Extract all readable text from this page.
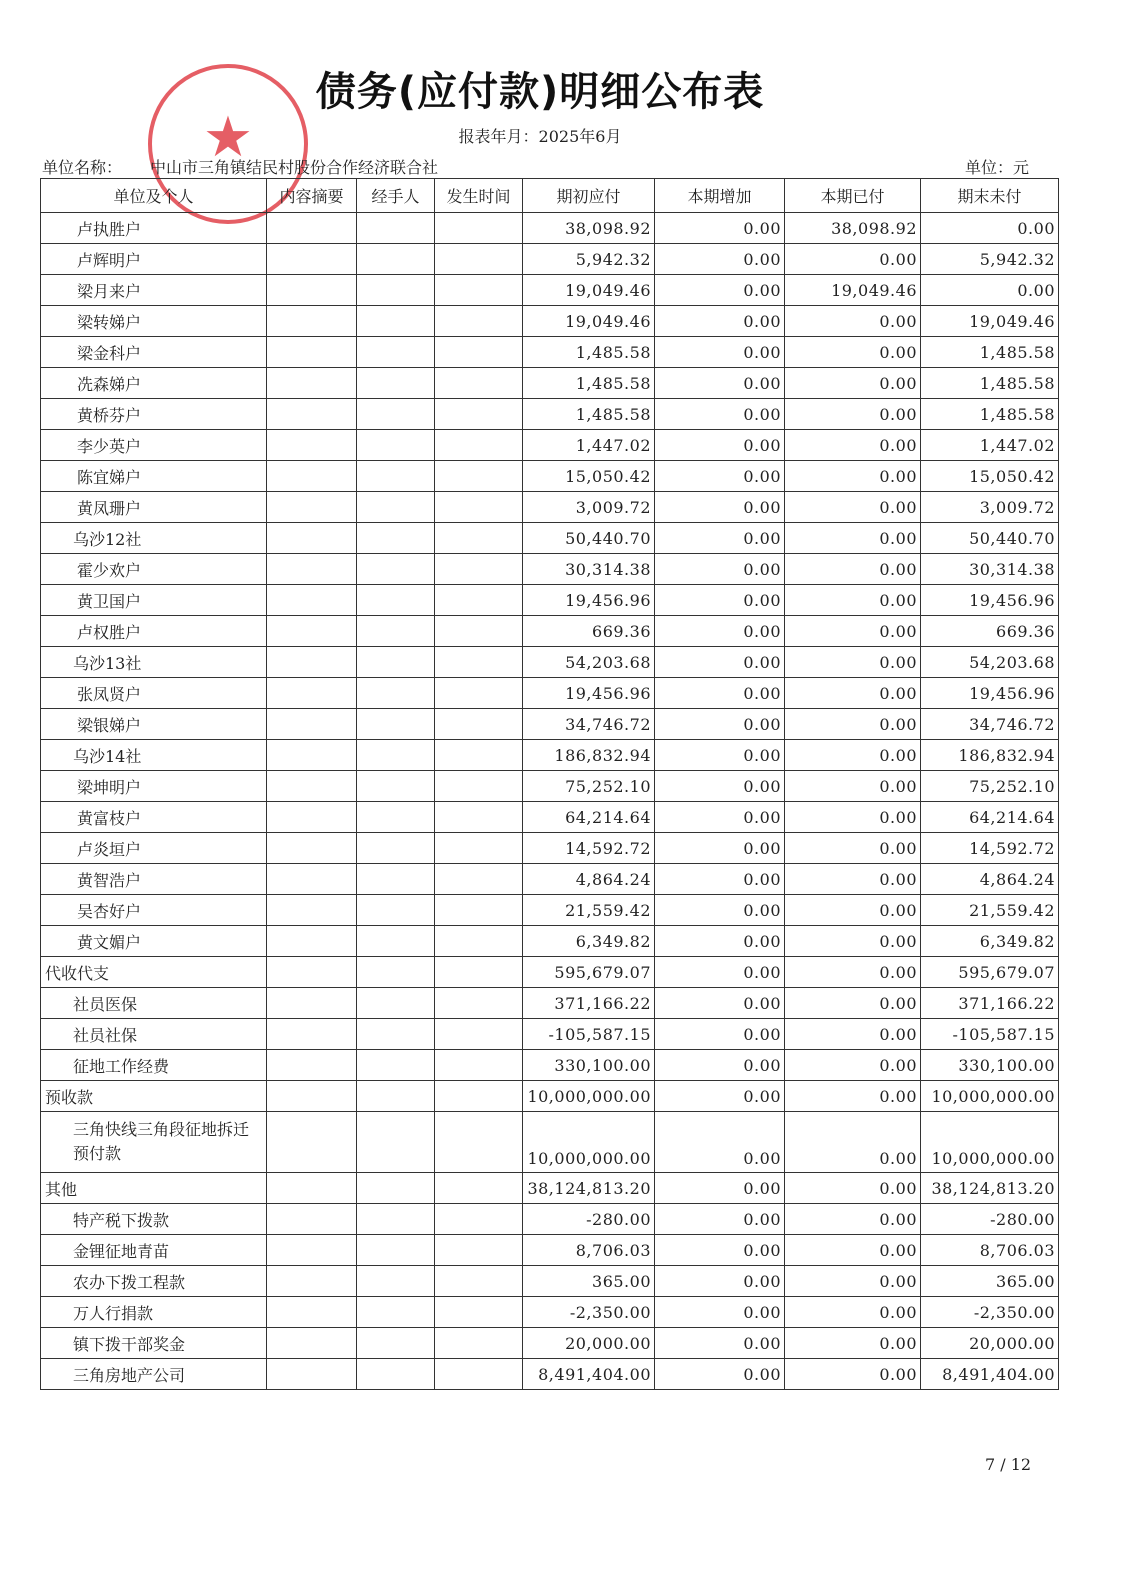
★
债务(应付款)明细公布表
报表年月：2025年6月
单位名称： 中山市三角镇结民村股份合作经济联合社	单位：元
单位及个人	内容摘要	经手人	发生时间	期初应付	本期增加	本期已付	期末未付
卢执胜户				38,098.92	0.00	38,098.92	0.00
卢辉明户				5,942.32	0.00	0.00	5,942.32
梁月来户				19,049.46	0.00	19,049.46	0.00
梁转娣户				19,049.46	0.00	0.00	19,049.46
梁金科户				1,485.58	0.00	0.00	1,485.58
冼森娣户				1,485.58	0.00	0.00	1,485.58
黄桥芬户				1,485.58	0.00	0.00	1,485.58
李少英户				1,447.02	0.00	0.00	1,447.02
陈宜娣户				15,050.42	0.00	0.00	15,050.42
黄凤珊户				3,009.72	0.00	0.00	3,009.72
乌沙12社				50,440.70	0.00	0.00	50,440.70
霍少欢户				30,314.38	0.00	0.00	30,314.38
黄卫国户				19,456.96	0.00	0.00	19,456.96
卢权胜户				669.36	0.00	0.00	669.36
乌沙13社				54,203.68	0.00	0.00	54,203.68
张凤贤户				19,456.96	0.00	0.00	19,456.96
梁银娣户				34,746.72	0.00	0.00	34,746.72
乌沙14社				186,832.94	0.00	0.00	186,832.94
梁坤明户				75,252.10	0.00	0.00	75,252.10
黄富枝户				64,214.64	0.00	0.00	64,214.64
卢炎垣户				14,592.72	0.00	0.00	14,592.72
黄智浩户				4,864.24	0.00	0.00	4,864.24
吴杏好户				21,559.42	0.00	0.00	21,559.42
黄文媚户				6,349.82	0.00	0.00	6,349.82
代收代支				595,679.07	0.00	0.00	595,679.07
社员医保				371,166.22	0.00	0.00	371,166.22
社员社保				-105,587.15	0.00	0.00	-105,587.15
征地工作经费				330,100.00	0.00	0.00	330,100.00
预收款				10,000,000.00	0.00	0.00	10,000,000.00
三角快线三角段征地拆迁预付款				10,000,000.00	0.00	0.00	10,000,000.00
其他				38,124,813.20	0.00	0.00	38,124,813.20
特产税下拨款				-280.00	0.00	0.00	-280.00
金锂征地青苗				8,706.03	0.00	0.00	8,706.03
农办下拨工程款				365.00	0.00	0.00	365.00
万人行捐款				-2,350.00	0.00	0.00	-2,350.00
镇下拨干部奖金				20,000.00	0.00	0.00	20,000.00
三角房地产公司				8,491,404.00	0.00	0.00	8,491,404.00
7 / 12
